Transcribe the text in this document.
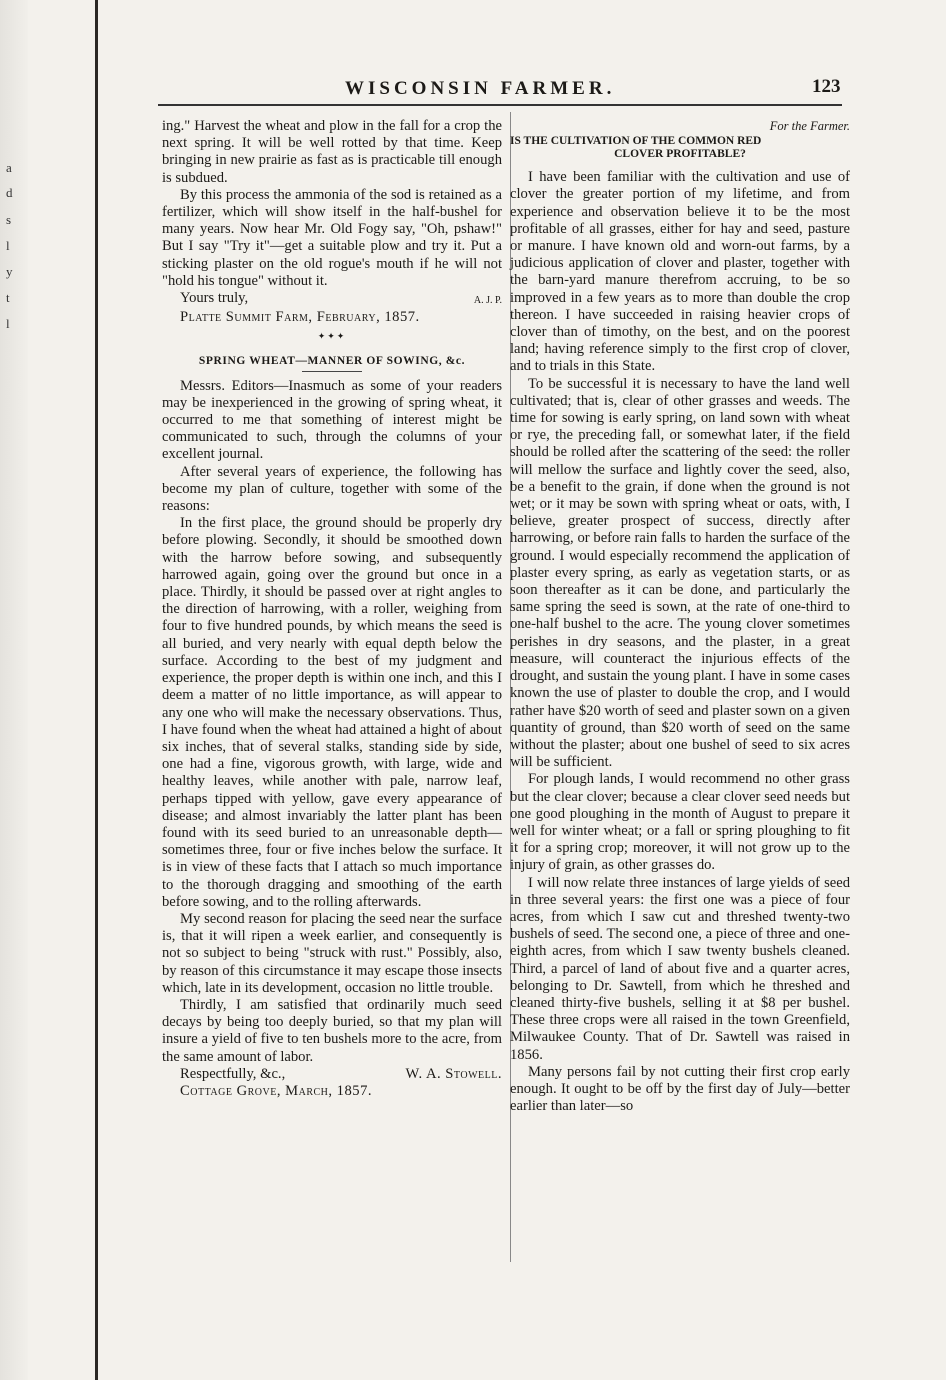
a
d
s
l
y
t
l
WISCONSIN FARMER.	123

ing." Harvest the wheat and plow in the fall for a crop the next spring. It will be well rotted by that time. Keep bringing in new prairie as fast as is practicable till enough is subdued.

By this process the ammonia of the sod is retained as a fertilizer, which will show itself in the half-bushel for many years. Now hear Mr. Old Fogy say, "Oh, pshaw!" But I say "Try it"—get a suitable plow and try it. Put a sticking plaster on the old rogue's mouth if he will not "hold his tongue" without it.

Yours truly,	A. J. P.

Platte Summit Farm, February, 1857.

✦✦✦
SPRING WHEAT—MANNER OF SOWING, &c.

Messrs. Editors—Inasmuch as some of your readers may be inexperienced in the growing of spring wheat, it occurred to me that something of interest might be communicated to such, through the columns of your excellent journal.

After several years of experience, the following has become my plan of culture, together with some of the reasons:

In the first place, the ground should be properly dry before plowing. Secondly, it should be smoothed down with the harrow before sowing, and subsequently harrowed again, going over the ground but once in a place. Thirdly, it should be passed over at right angles to the direction of harrowing, with a roller, weighing from four to five hundred pounds, by which means the seed is all buried, and very nearly with equal depth below the surface. According to the best of my judgment and experience, the proper depth is within one inch, and this I deem a matter of no little importance, as will appear to any one who will make the necessary observations. Thus, I have found when the wheat had attained a hight of about six inches, that of several stalks, standing side by side, one had a fine, vigorous growth, with large, wide and healthy leaves, while another with pale, narrow leaf, perhaps tipped with yellow, gave every appearance of disease; and almost invariably the latter plant has been found with its seed buried to an unreasonable depth—sometimes three, four or five inches below the surface. It is in view of these facts that I attach so much importance to the thorough dragging and smoothing of the earth before sowing, and to the rolling afterwards.

My second reason for placing the seed near the surface is, that it will ripen a week earlier, and consequently is not so subject to being "struck with rust." Possibly, also, by reason of this circumstance it may escape those insects which, late in its development, occasion no little trouble.

Thirdly, I am satisfied that ordinarily much seed decays by being too deeply buried, so that my plan will insure a yield of five to ten bushels more to the acre, from the same amount of labor.

Respectfully, &c.,	W. A. Stowell.

Cottage Grove, March, 1857.

For the Farmer.
IS THE CULTIVATION OF THE COMMON RED
CLOVER PROFITABLE?

I have been familiar with the cultivation and use of clover the greater portion of my lifetime, and from experience and observation believe it to be the most profitable of all grasses, either for hay and seed, pasture or manure. I have known old and worn-out farms, by a judicious application of clover and plaster, together with the barn-yard manure therefrom accruing, to be so improved in a few years as to more than double the crop thereon. I have succeeded in raising heavier crops of clover than of timothy, on the best, and on the poorest land; having reference simply to the first crop of clover, and to trials in this State.

To be successful it is necessary to have the land well cultivated; that is, clear of other grasses and weeds. The time for sowing is early spring, on land sown with wheat or rye, the preceding fall, or somewhat later, if the field should be rolled after the scattering of the seed: the roller will mellow the surface and lightly cover the seed, also, be a benefit to the grain, if done when the ground is not wet; or it may be sown with spring wheat or oats, with, I believe, greater prospect of success, directly after harrowing, or before rain falls to harden the surface of the ground. I would especially recommend the application of plaster every spring, as early as vegetation starts, or as soon thereafter as it can be done, and particularly the same spring the seed is sown, at the rate of one-third to one-half bushel to the acre. The young clover sometimes perishes in dry seasons, and the plaster, in a great measure, will counteract the injurious effects of the drought, and sustain the young plant. I have in some cases known the use of plaster to double the crop, and I would rather have $20 worth of seed and plaster sown on a given quantity of ground, than $20 worth of seed on the same without the plaster; about one bushel of seed to six acres will be sufficient.

For plough lands, I would recommend no other grass but the clear clover; because a clear clover seed needs but one good ploughing in the month of August to prepare it well for winter wheat; or a fall or spring ploughing to fit it for a spring crop; moreover, it will not grow up to the injury of grain, as other grasses do.

I will now relate three instances of large yields of seed in three several years: the first one was a piece of four acres, from which I saw cut and threshed twenty-two bushels of seed. The second one, a piece of three and one-eighth acres, from which I saw twenty bushels cleaned. Third, a parcel of land of about five and a quarter acres, belonging to Dr. Sawtell, from which he threshed and cleaned thirty-five bushels, selling it at $8 per bushel. These three crops were all raised in the town Greenfield, Milwaukee County. That of Dr. Sawtell was raised in 1856.

Many persons fail by not cutting their first crop early enough. It ought to be off by the first day of July—better earlier than later—so
